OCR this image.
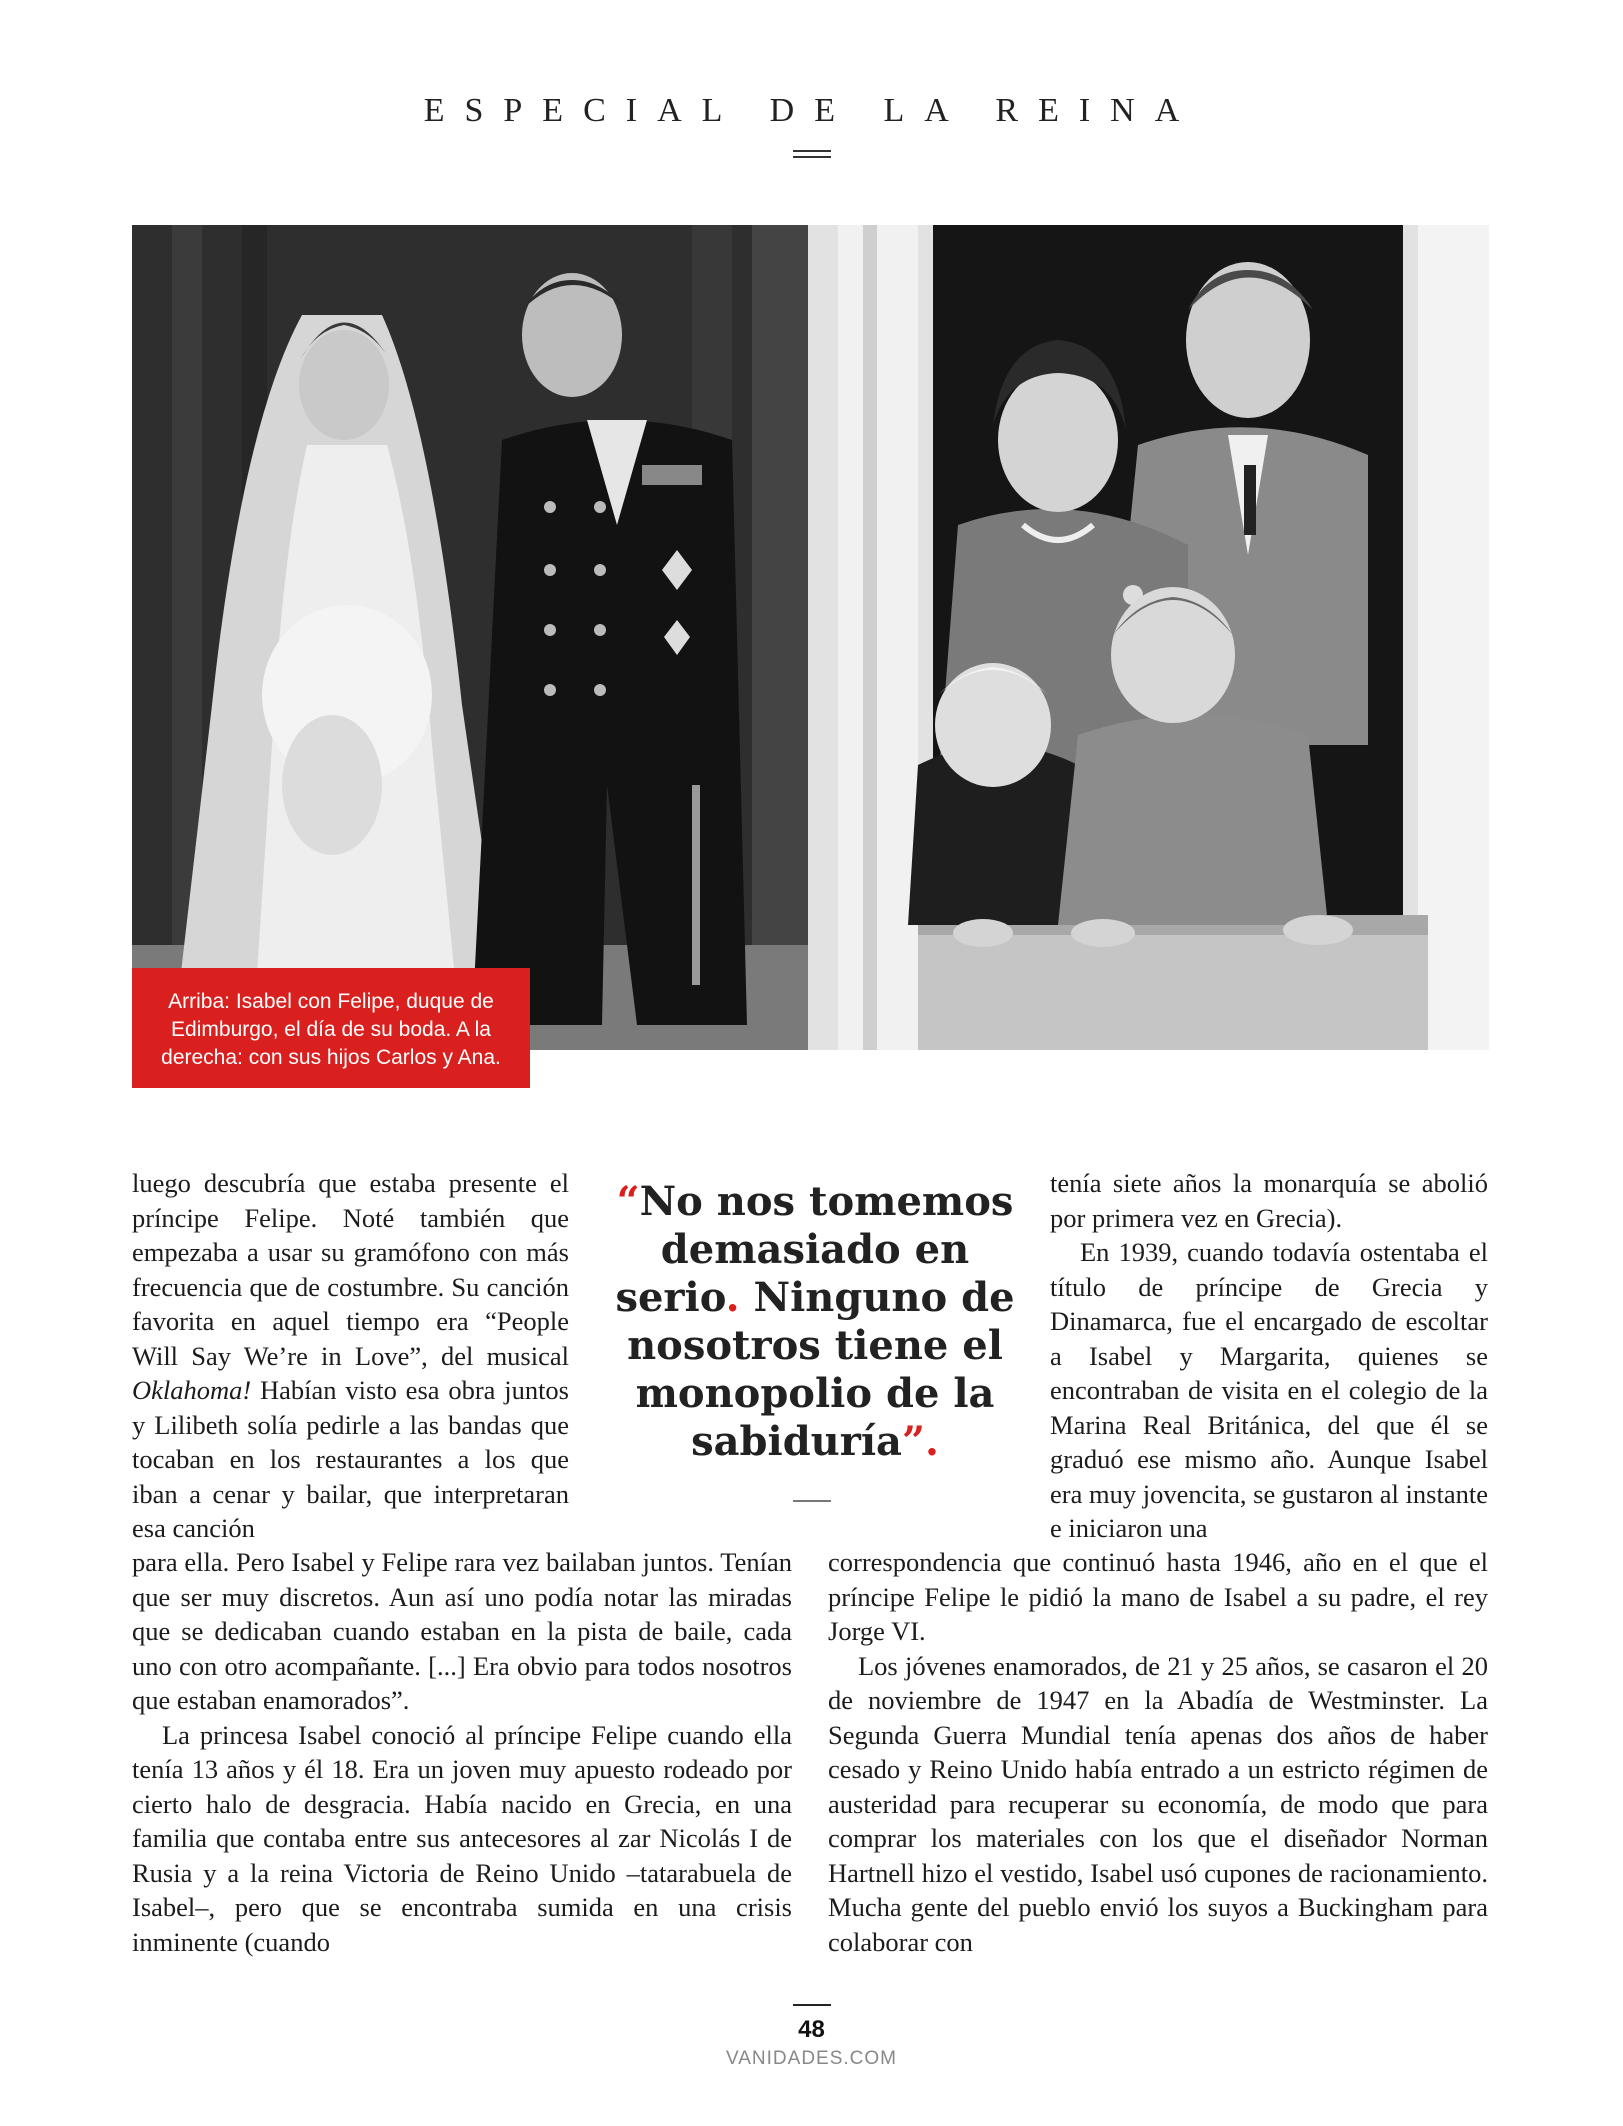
ESPECIAL DE LA REINA
Arriba: Isabel con Felipe, duque de Edimburgo, el día de su boda. A la derecha: con sus hijos Carlos y Ana.

luego descubría que estaba presente el príncipe Felipe. Noté también que empezaba a usar su gramófono con más frecuencia que de costumbre. Su canción favorita en aquel tiempo era “People Will Say We’re in Love”, del musical Oklahoma! Habían visto esa obra juntos y Lilibeth solía pedirle a las bandas que tocaban en los restaurantes a los que iban a cenar y bailar, que interpretaran esa canción

“No nos tomemos demasiado en serio. Ninguno de nosotros tiene el monopolio de la sabiduría”.

tenía siete años la monarquía se abolió por primera vez en Grecia).

En 1939, cuando todavía ostentaba el título de príncipe de Grecia y Dinamarca, fue el encargado de escoltar a Isabel y Margarita, quienes se encontraban de visita en el colegio de la Marina Real Británica, del que él se graduó ese mismo año. Aunque Isabel era muy jovencita, se gustaron al instante e iniciaron una

para ella. Pero Isabel y Felipe rara vez bailaban juntos. Tenían que ser muy discretos. Aun así uno podía notar las miradas que se dedicaban cuando estaban en la pista de baile, cada uno con otro acompañante. [...] Era obvio para todos nosotros que estaban enamorados”.

La princesa Isabel conoció al príncipe Felipe cuando ella tenía 13 años y él 18. Era un joven muy apuesto rodeado por cierto halo de desgracia. Había nacido en Grecia, en una familia que contaba entre sus antecesores al zar Nicolás I de Rusia y a la reina Victoria de Reino Unido –tatarabuela de Isabel–, pero que se encontraba sumida en una crisis inminente (cuando

correspondencia que continuó hasta 1946, año en el que el príncipe Felipe le pidió la mano de Isabel a su padre, el rey Jorge VI.

Los jóvenes enamorados, de 21 y 25 años, se casaron el 20 de noviembre de 1947 en la Abadía de Westminster. La Segunda Guerra Mundial tenía apenas dos años de haber cesado y Reino Unido había entrado a un estricto régimen de austeridad para recuperar su economía, de modo que para comprar los materiales con los que el diseñador Norman Hartnell hizo el vestido, Isabel usó cupones de racionamiento. Mucha gente del pueblo envió los suyos a Buckingham para colaborar con

48
VANIDADES.COM
